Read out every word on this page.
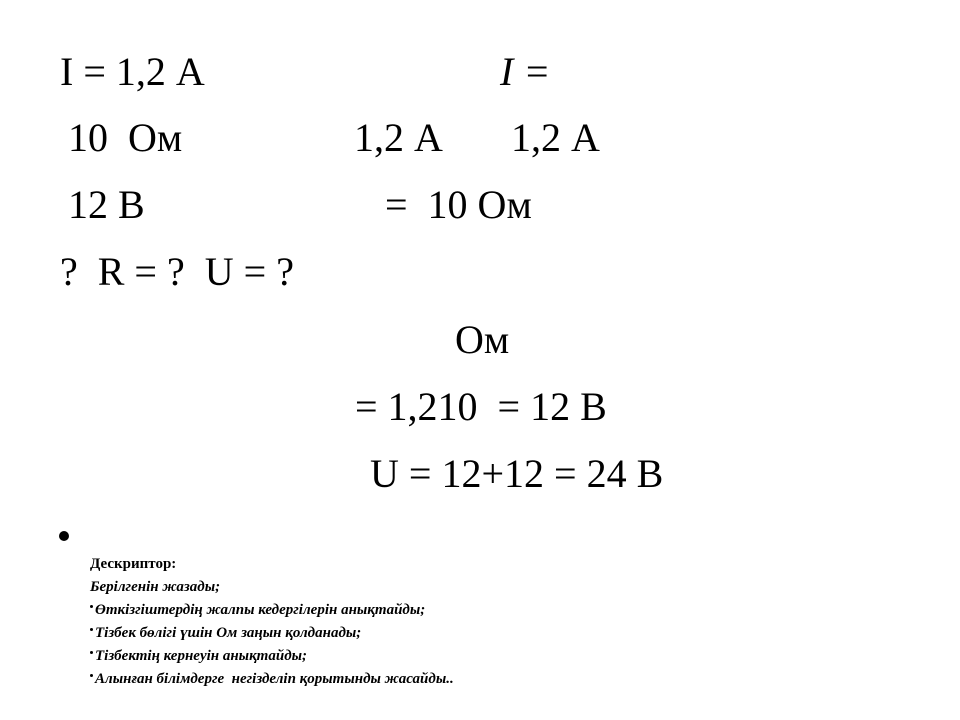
I = 1,2 А
10  Ом
12 В
?  R = ?  U = ?
I =
1,2 А 1,2 А
=  10 Ом
Ом
= 1,210  = 12 В
U = 12+12 = 24 В
Дескриптор:
Берілгенін жазады;
Өткізгіштердің жалпы кедергілерін анықтайды;
Тізбек бөлігі үшін Ом заңын қолданады;
Тізбектің кернеуін анықтайды;
Алынған білімдерге  негізделіп қорытынды жасайды..
